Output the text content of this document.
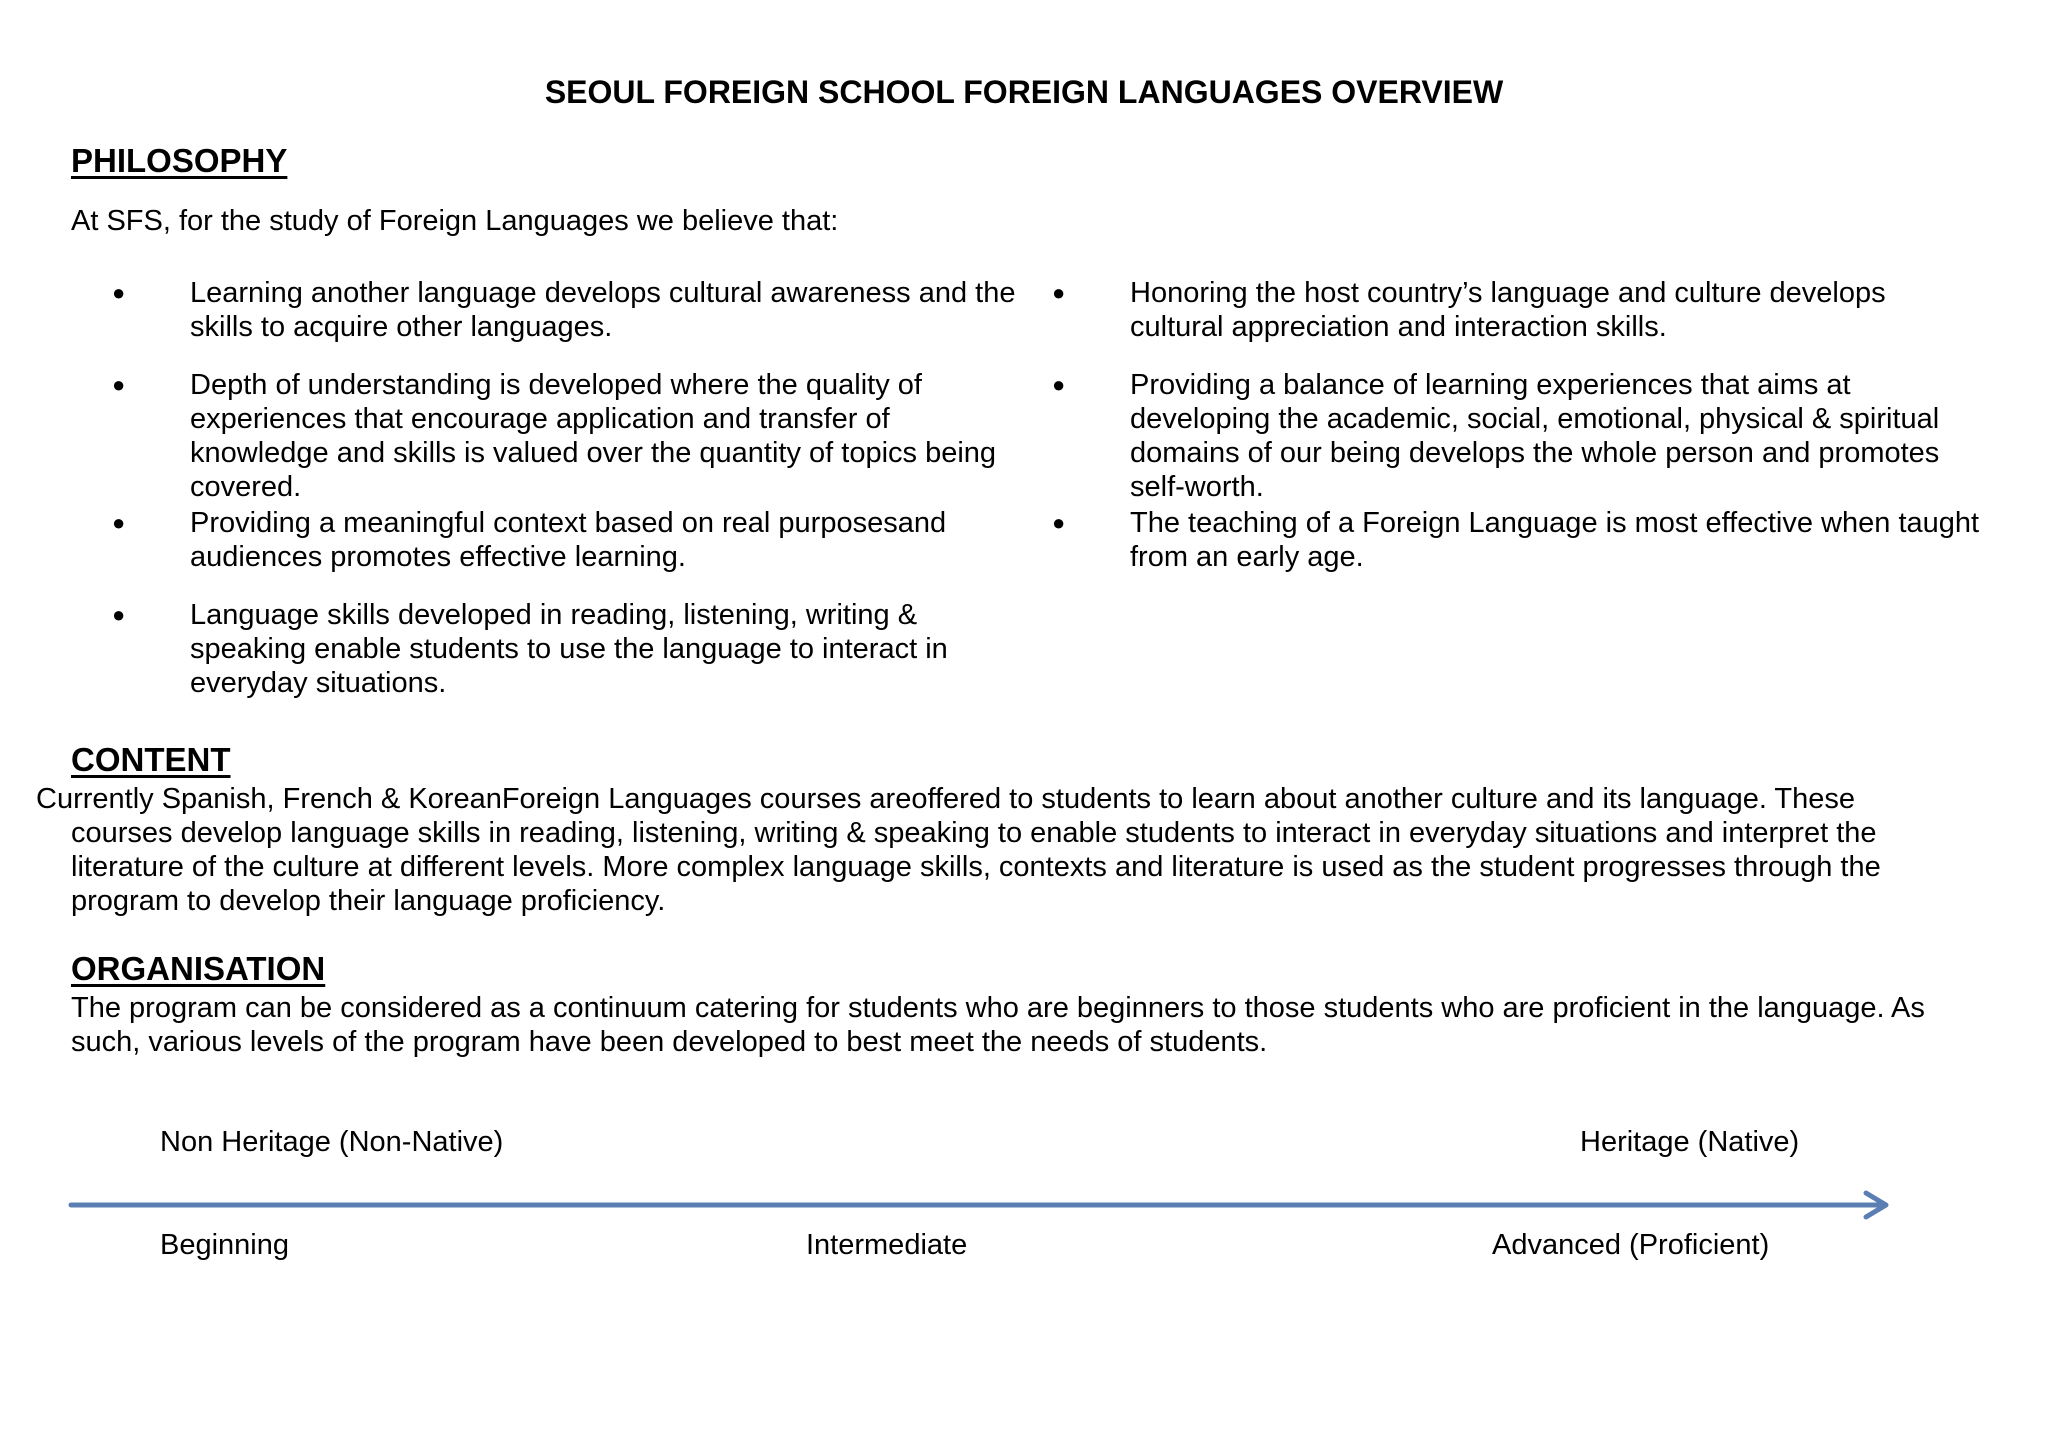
SEOUL FOREIGN SCHOOL FOREIGN LANGUAGES OVERVIEW
PHILOSOPHY

At SFS, for the study of Foreign Languages we believe that:

● Learning another language develops cultural awareness and the skills to acquire other languages.
● Depth of understanding is developed where the quality of experiences that encourage application and transfer of knowledge and skills is valued over the quantity of topics being covered.
● Providing a meaningful context based on real purposesand audiences promotes effective learning.
● Language skills developed in reading, listening, writing & speaking enable students to use the language to interact in everyday situations.
● Honoring the host country’s language and culture develops cultural appreciation and interaction skills.
● Providing a balance of learning experiences that aims at developing the academic, social, emotional, physical & spiritual domains of our being develops the whole person and promotes self-worth.
● The teaching of a Foreign Language is most effective when taught from an early age.
CONTENT

Currently Spanish, French & KoreanForeign Languages courses areoffered to students to learn about another culture and its language. These courses develop language skills in reading, listening, writing & speaking to enable students to interact in everyday situations and interpret the literature of the culture at different levels. More complex language skills, contexts and literature is used as the student progresses through the program to develop their language proficiency.

ORGANISATION

The program can be considered as a continuum catering for students who are beginners to those students who are proficient in the language. As such, various levels of the program have been developed to best meet the needs of students.

Non Heritage (Non-Native)	Heritage (Native)
Beginning	Intermediate	Advanced (Proficient)
